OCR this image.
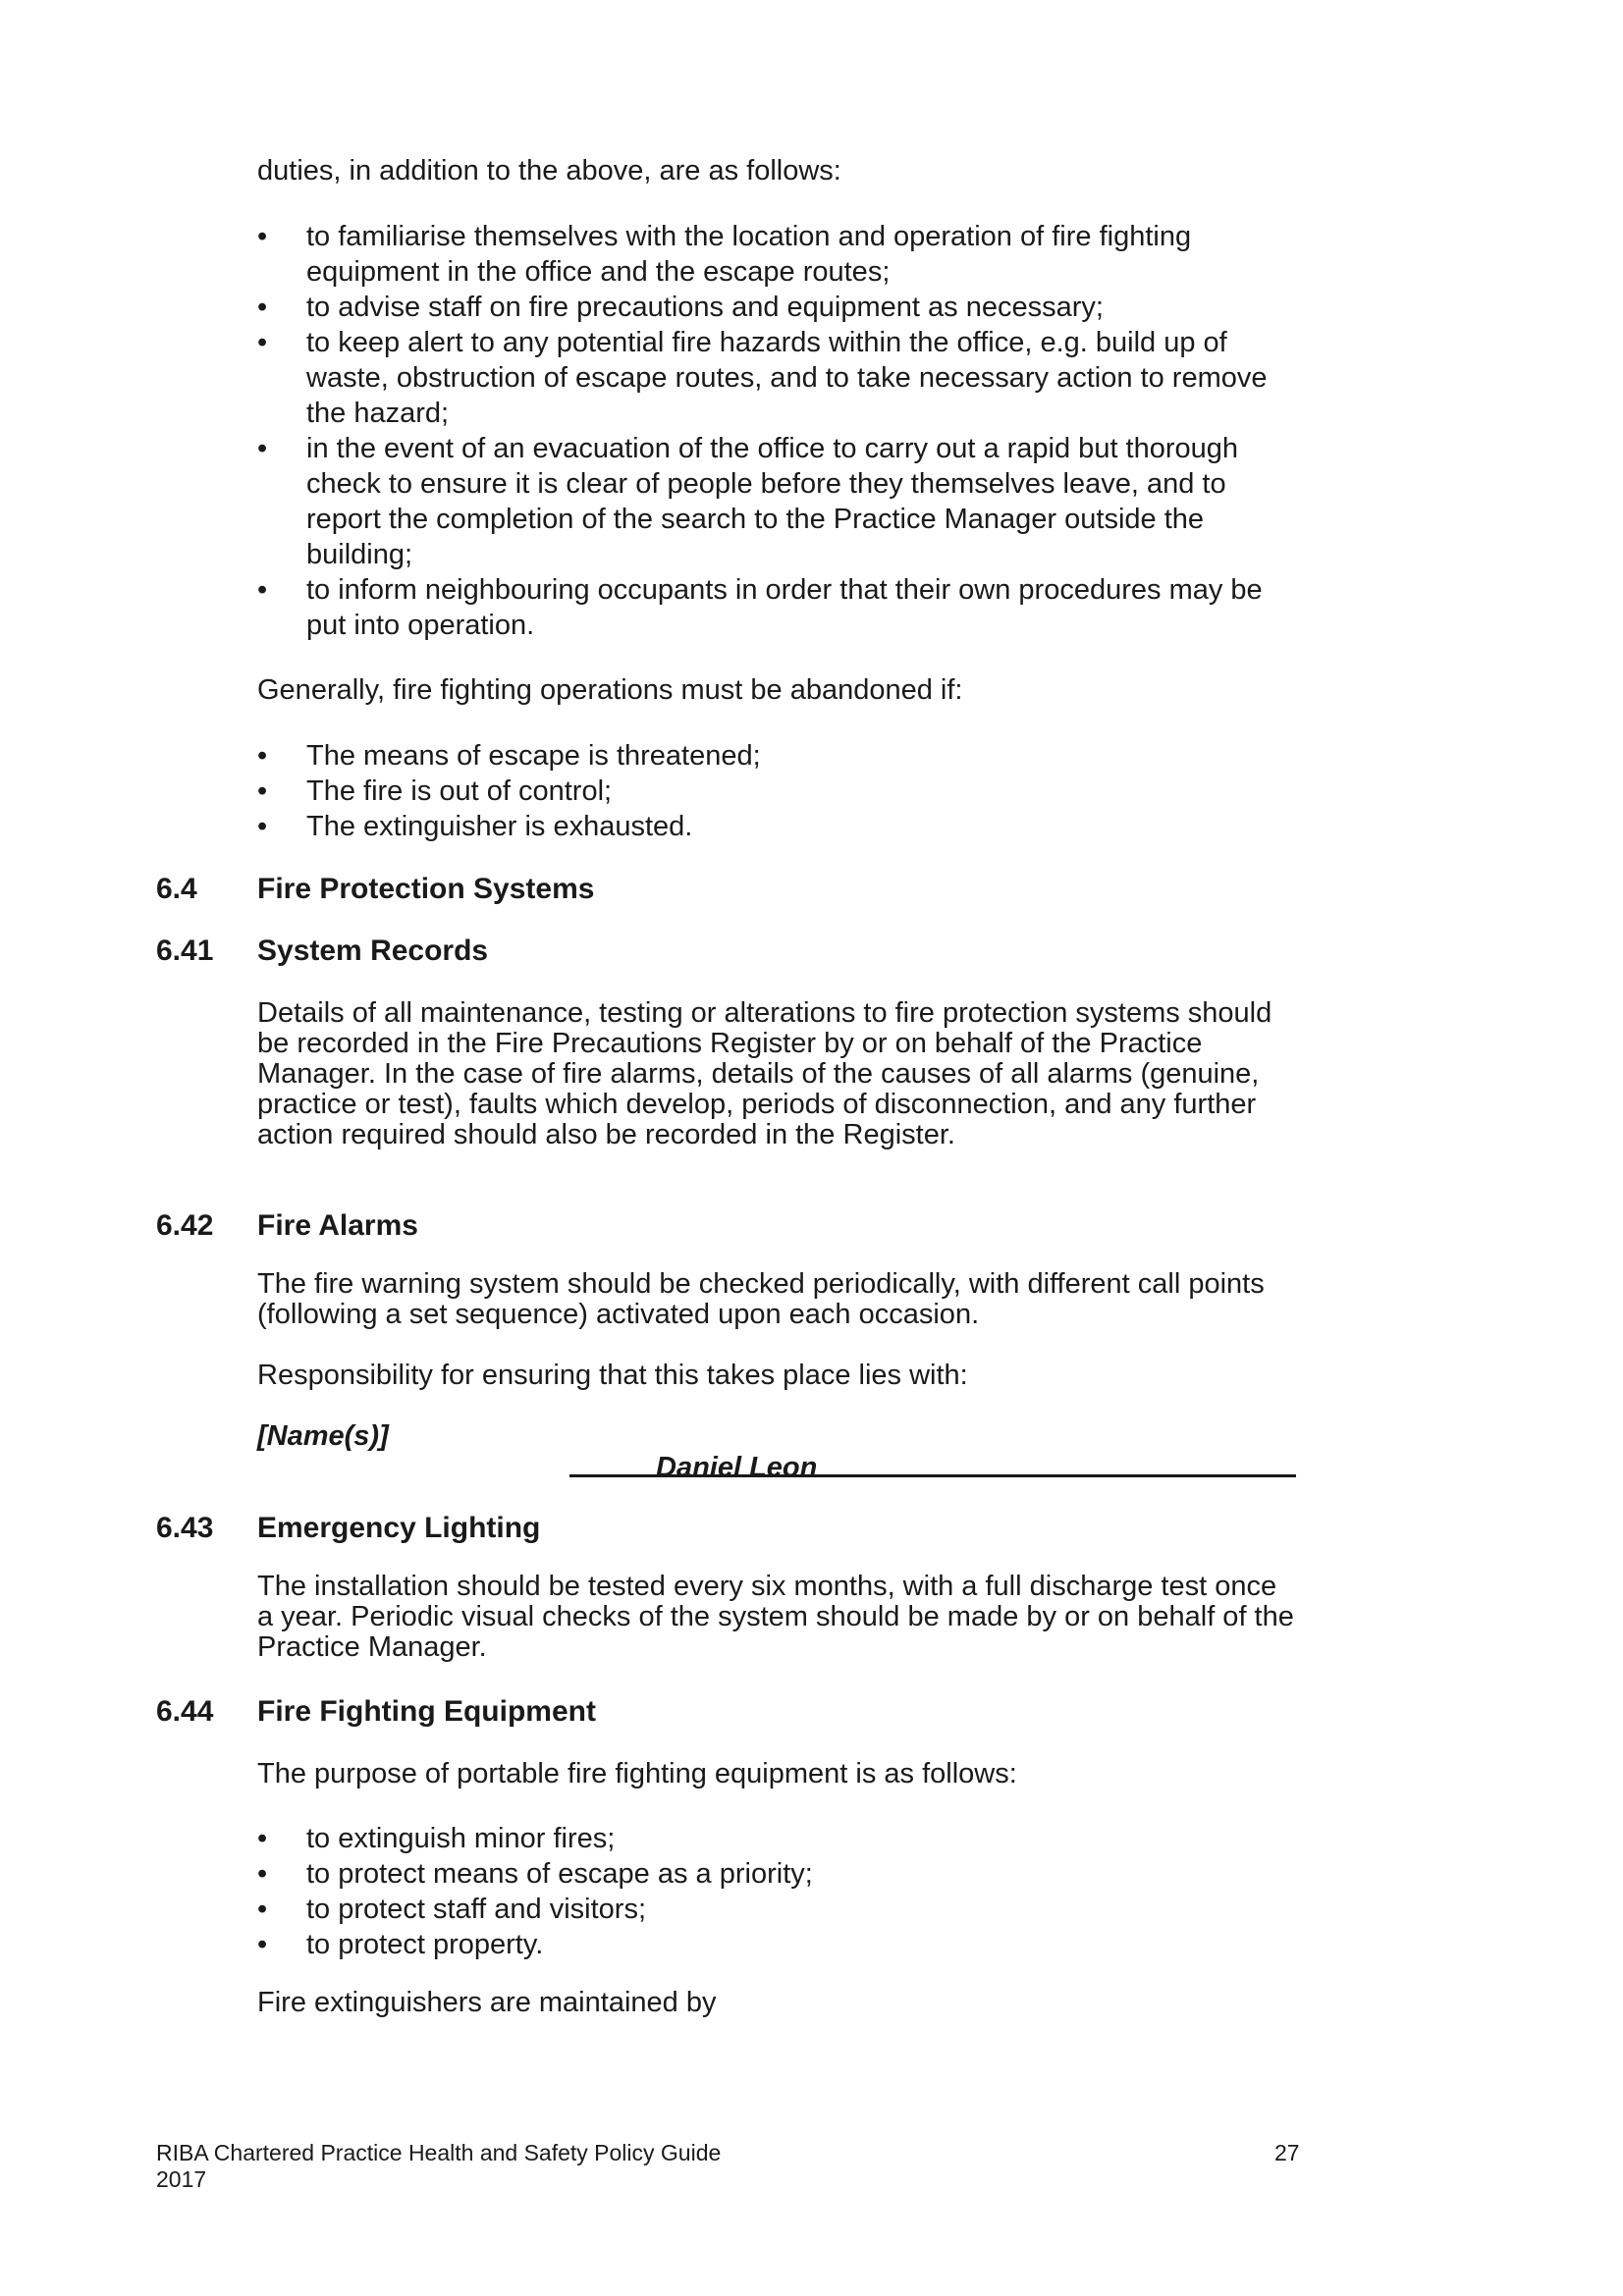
duties, in addition to the above, are as follows:
•	to familiarise themselves with the location and operation of fire fighting equipment in the office and the escape routes;
•	to advise staff on fire precautions and equipment as necessary;
•	to keep alert to any potential fire hazards within the office, e.g. build up of waste, obstruction of escape routes, and to take necessary action to remove the hazard;
•	in the event of an evacuation of the office to carry out a rapid but thorough check to ensure it is clear of people before they themselves leave, and to report the completion of the search to the Practice Manager outside the building;
•	to inform neighbouring occupants in order that their own procedures may be put into operation.
Generally, fire fighting operations must be abandoned if:
•	The means of escape is threatened;
•	The fire is out of control;
•	The extinguisher is exhausted.
6.4 Fire Protection Systems
6.41 System Records
Details of all maintenance, testing or alterations to fire protection systems should be recorded in the Fire Precautions Register by or on behalf of the Practice Manager. In the case of fire alarms, details of the causes of all alarms (genuine, practice or test), faults which develop, periods of disconnection, and any further action required should also be recorded in the Register.
6.42 Fire Alarms
The fire warning system should be checked periodically, with different call points (following a set sequence) activated upon each occasion.
Responsibility for ensuring that this takes place lies with:
[Name(s)]
Daniel Leon
6.43 Emergency Lighting
The installation should be tested every six months, with a full discharge test once a year. Periodic visual checks of the system should be made by or on behalf of the Practice Manager.
6.44 Fire Fighting Equipment
The purpose of portable fire fighting equipment is as follows:
•	to extinguish minor fires;
•	to protect means of escape as a priority;
•	to protect staff and visitors;
•	to protect property.
Fire extinguishers are maintained by
RIBA Chartered Practice Health and Safety Policy Guide
2017
27
